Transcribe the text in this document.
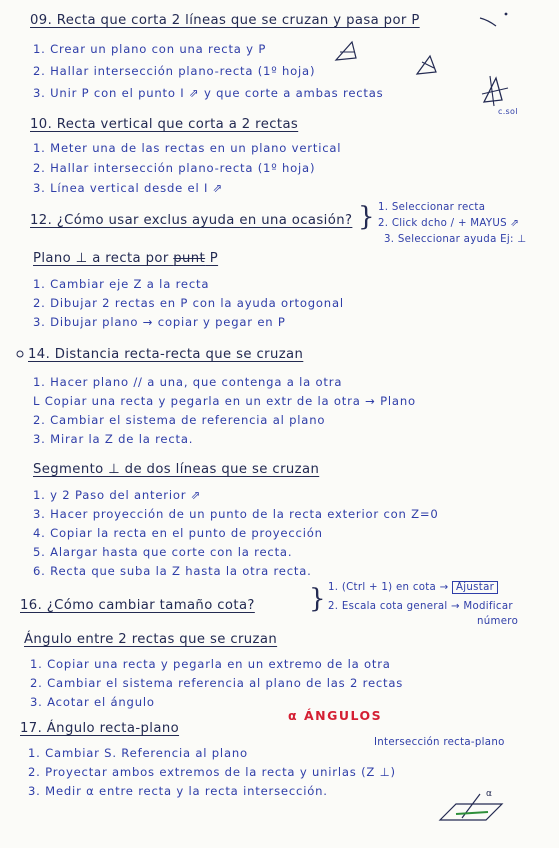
09. Recta que corta 2 líneas que se cruzan y pasa por P
1. Crear un plano con una recta y P
2. Hallar intersección plano-recta (1º hoja)
3. Unir P con el punto I ⇗ y que corte a ambas rectas
c.sol
10. Recta vertical que corta a 2 rectas
1. Meter una de las rectas en un plano vertical
2. Hallar intersección plano-recta (1º hoja)
3. Línea vertical desde el I ⇗
12. ¿Cómo usar exclus ayuda en una ocasión? } 1. Seleccionar recta
2. Click dcho / + MAYUS ⇗
3. Seleccionar ayuda Ej: ⊥
Plano ⊥ a recta por punt P
1. Cambiar eje Z a la recta
2. Dibujar 2 rectas en P con la ayuda ortogonal
3. Dibujar plano → copiar y pegar en P
14. Distancia recta-recta que se cruzan
1. Hacer plano // a una, que contenga a la otra
L Copiar una recta y pegarla en un extr de la otra → Plano
2. Cambiar el sistema de referencia al plano
3. Mirar la Z de la recta.
Segmento ⊥ de dos líneas que se cruzan
1. y 2 Paso del anterior ⇗
3. Hacer proyección de un punto de la recta exterior con Z=0
4. Copiar la recta en el punto de proyección
5. Alargar hasta que corte con la recta.
6. Recta que suba la Z hasta la otra recta.
16. ¿Cómo cambiar tamaño cota? } 1. (Ctrl + 1) en cota → Ajustar
2. Escala cota general → Modificar
número
Ángulo entre 2 rectas que se cruzan
1. Copiar una recta y pegarla en un extremo de la otra
2. Cambiar el sistema referencia al plano de las 2 rectas
3. Acotar el ángulo
α ÁNGULOS
17. Ángulo recta-plano
Intersección recta-plano
1. Cambiar S. Referencia al plano
2. Proyectar ambos extremos de la recta y unirlas (Z ⊥)
3. Medir α entre recta y la recta intersección.	α
